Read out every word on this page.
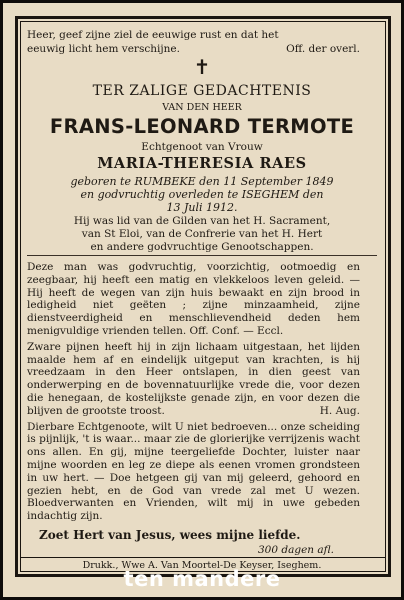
Heer, geef zijne ziel de eeuwige rust en dat het
eeuwig licht hem verschijne.	Off. der overl.
✝
TER ZALIGE GEDACHTENIS
VAN DEN HEER
FRANS-LEONARD TERMOTE
Echtgenoot van Vrouw
MARIA-THERESIA RAES
geboren te RUMBEKE den 11 September 1849
en godvruchtig overleden te ISEGHEM den
13 Juli 1912.
Hij was lid van de Gilden van het H. Sacrament,
van St Eloi, van de Confrerie van het H. Hert
en andere godvruchtige Genootschappen.

Deze man was godvruchtig, voorzichtig, ootmoedig en zeegbaar, hij heeft een matig en vlekkeloos leven geleid. — Hij heeft de wegen van zijn huis bewaakt en zijn brood in ledigheid niet geëten ; zijne minzaamheid, zijne dienstveerdigheid en menschlievendheid deden hem menigvuldige vrienden tellen. Off. Conf. — Eccl.

Zware pijnen heeft hij in zijn lichaam uitgestaan, het lijden maalde hem af en eindelijk uitgeput van krachten, is hij vreedzaam in den Heer ontslapen, in dien geest van onderwerping en de bovennatuurlijke vrede die, voor dezen die henegaan, de kostelijkste genade zijn, en voor dezen die blijven de grootste troost.	H. Aug.

Dierbare Echtgenoote, wilt U niet bedroeven... onze scheiding is pijnlijk, 't is waar... maar zie de glorierijke verrijzenis wacht ons allen. En gij, mijne teergeliefde Dochter, luister naar mijne woorden en leg ze diepe als eenen vromen grondsteen in uw hert. — Doe hetgeen gij van mij geleerd, gehoord en gezien hebt, en de God van vrede zal met U wezen. Bloedverwanten en Vrienden, wilt mij in uwe gebeden indachtig zijn.

Zoet Hert van Jesus, wees mijne liefde.
300 dagen afl.
Drukk., Wwe A. Van Moortel-De Keyser, Iseghem.
ten mandere
